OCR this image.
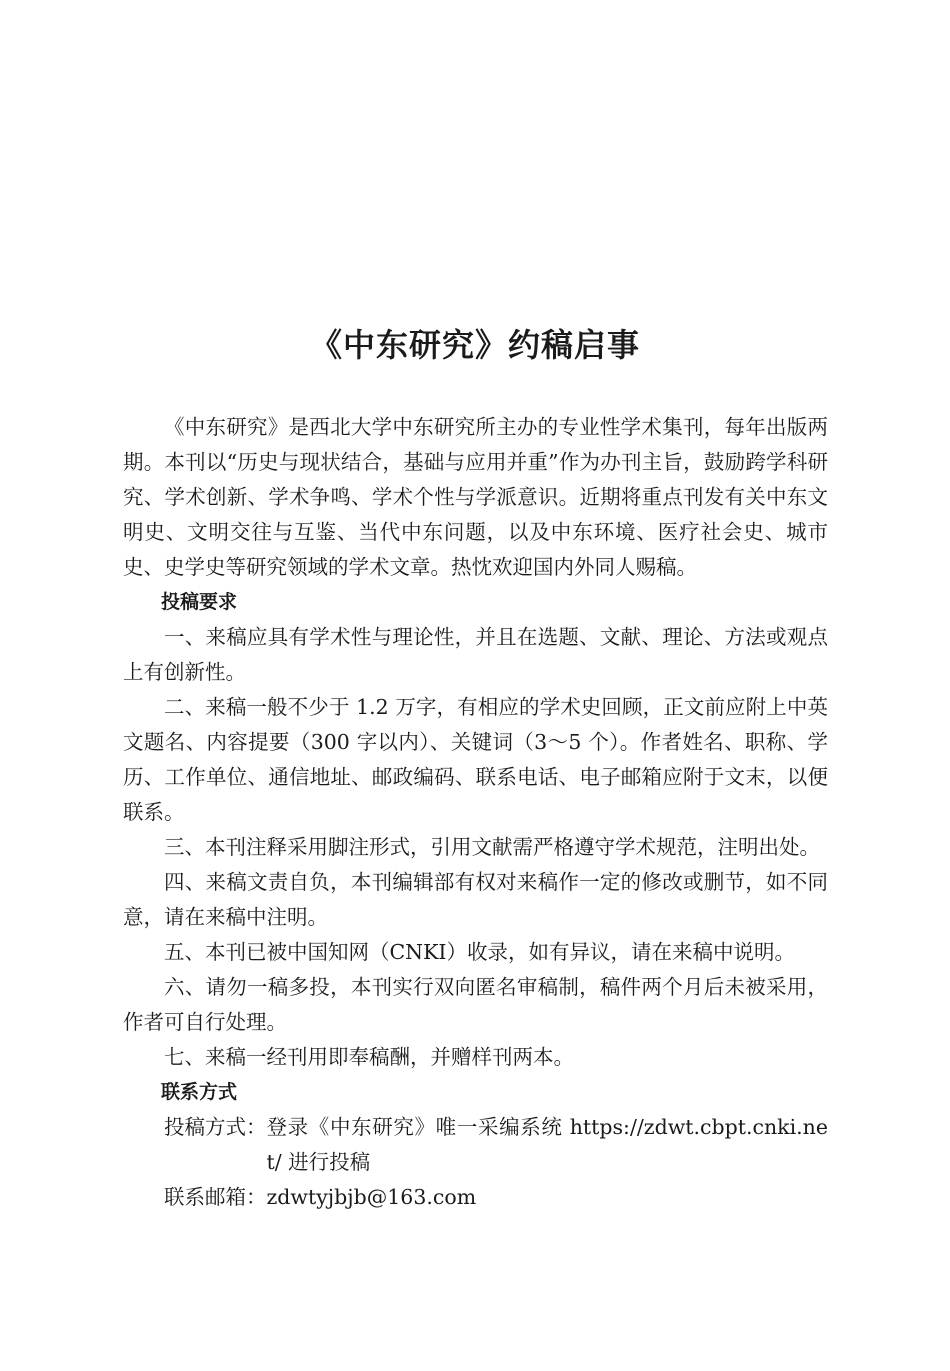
《中东研究》约稿启事

《中东研究》是西北大学中东研究所主办的专业性学术集刊，每年出版两期。本刊以“历史与现状结合，基础与应用并重”作为办刊主旨，鼓励跨学科研究、学术创新、学术争鸣、学术个性与学派意识。近期将重点刊发有关中东文明史、文明交往与互鉴、当代中东问题，以及中东环境、医疗社会史、城市史、史学史等研究领域的学术文章。热忱欢迎国内外同人赐稿。

投稿要求

一、来稿应具有学术性与理论性，并且在选题、文献、理论、方法或观点上有创新性。

二、来稿一般不少于 1.2 万字，有相应的学术史回顾，正文前应附上中英文题名、内容提要（300 字以内）、关键词（3～5 个）。作者姓名、职称、学历、工作单位、通信地址、邮政编码、联系电话、电子邮箱应附于文末，以便联系。

三、本刊注释采用脚注形式，引用文献需严格遵守学术规范，注明出处。

四、来稿文责自负，本刊编辑部有权对来稿作一定的修改或删节，如不同意，请在来稿中注明。

五、本刊已被中国知网（CNKI）收录，如有异议，请在来稿中说明。

六、请勿一稿多投，本刊实行双向匿名审稿制，稿件两个月后未被采用，作者可自行处理。

七、来稿一经刊用即奉稿酬，并赠样刊两本。

联系方式

投稿方式： 登录《中东研究》唯一采编系统 https://zdwt.cbpt.cnki.net/ 进行投稿
联系邮箱： zdwtyjbjb@163.com
